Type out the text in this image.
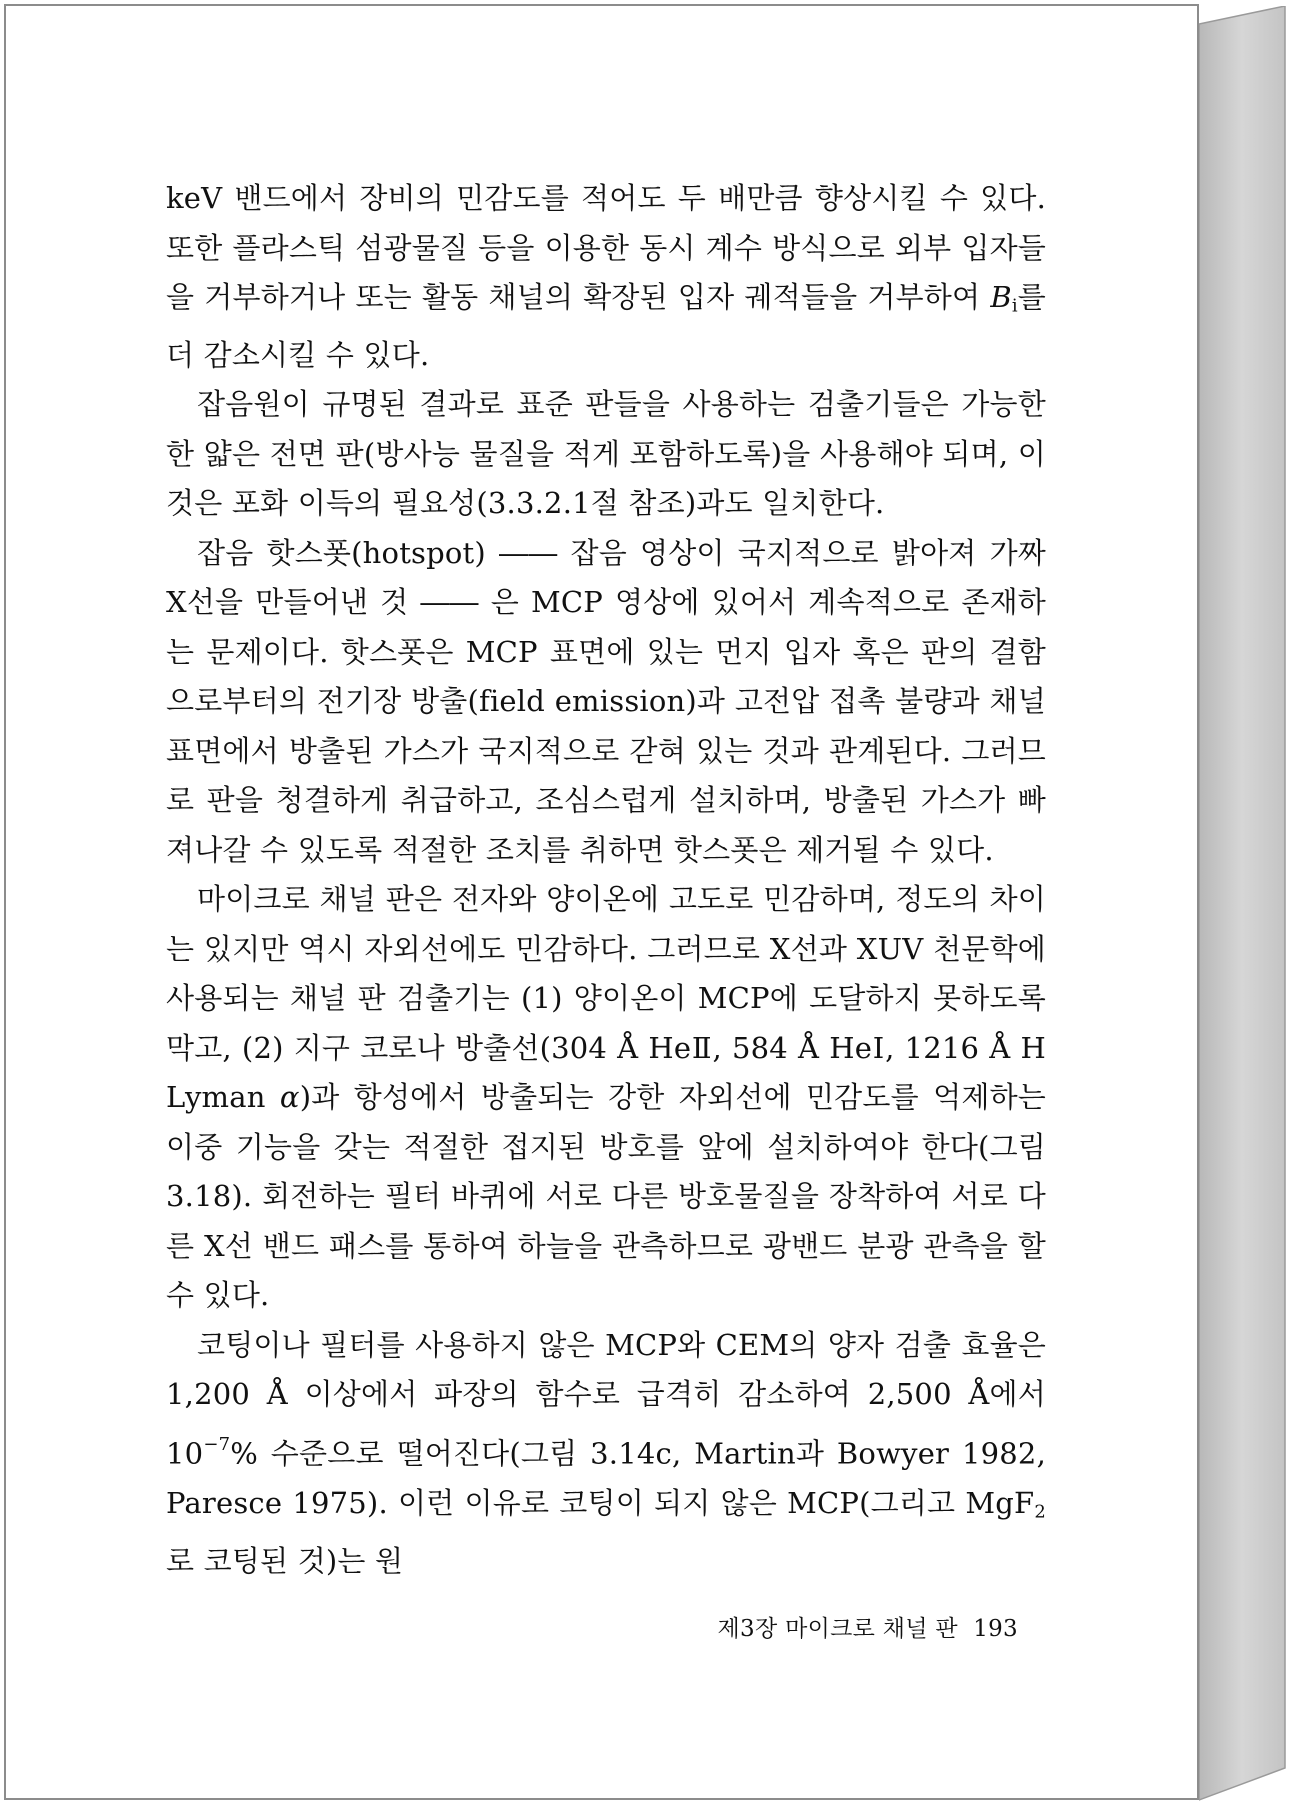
keV 밴드에서 장비의 민감도를 적어도 두 배만큼 향상시킬 수 있다. 또한 플라스틱 섬광물질 등을 이용한 동시 계수 방식으로 외부 입자들을 거부하거나 또는 활동 채널의 확장된 입자 궤적들을 거부하여 $B_i$를 더 감소시킬 수 있다.

잡음원이 규명된 결과로 표준 판들을 사용하는 검출기들은 가능한 한 얇은 전면 판(방사능 물질을 적게 포함하도록)을 사용해야 되며, 이것은 포화 이득의 필요성(3.3.2.1절 참조)과도 일치한다.

잡음 핫스폿(hotspot) ―― 잡음 영상이 국지적으로 밝아져 가짜 X선을 만들어낸 것 ―― 은 MCP 영상에 있어서 계속적으로 존재하는 문제이다. 핫스폿은 MCP 표면에 있는 먼지 입자 혹은 판의 결함으로부터의 전기장 방출(field emission)과 고전압 접촉 불량과 채널 표면에서 방출된 가스가 국지적으로 갇혀 있는 것과 관계된다. 그러므로 판을 청결하게 취급하고, 조심스럽게 설치하며, 방출된 가스가 빠져나갈 수 있도록 적절한 조치를 취하면 핫스폿은 제거될 수 있다.

마이크로 채널 판은 전자와 양이온에 고도로 민감하며, 정도의 차이는 있지만 역시 자외선에도 민감하다. 그러므로 X선과 XUV 천문학에 사용되는 채널 판 검출기는 (1) 양이온이 MCP에 도달하지 못하도록 막고, (2) 지구 코로나 방출선(304 Å HeⅡ, 584 Å HeⅠ, 1216 Å H Lyman α)과 항성에서 방출되는 강한 자외선에 민감도를 억제하는 이중 기능을 갖는 적절한 접지된 방호를 앞에 설치하여야 한다(그림 3.18). 회전하는 필터 바퀴에 서로 다른 방호물질을 장착하여 서로 다른 X선 밴드 패스를 통하여 하늘을 관측하므로 광밴드 분광 관측을 할 수 있다.

코팅이나 필터를 사용하지 않은 MCP와 CEM의 양자 검출 효율은 1,200 Å 이상에서 파장의 함수로 급격히 감소하여 2,500 Å에서 $10^{-7}\%$ 수준으로 떨어진다(그림 3.14c, Martin과 Bowyer 1982, Paresce 1975). 이런 이유로 코팅이 되지 않은 MCP(그리고 MgF$_2$로 코팅된 것)는 원

제3장 마이크로 채널 판 193
